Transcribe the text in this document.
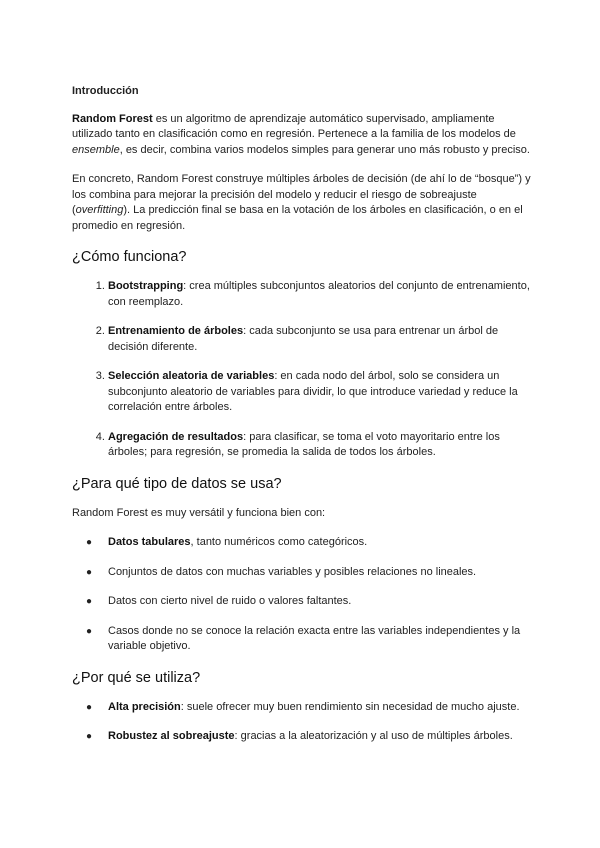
Introducción

Random Forest es un algoritmo de aprendizaje automático supervisado, ampliamente utilizado tanto en clasificación como en regresión. Pertenece a la familia de los modelos de ensemble, es decir, combina varios modelos simples para generar uno más robusto y preciso.

En concreto, Random Forest construye múltiples árboles de decisión (de ahí lo de “bosque”) y los combina para mejorar la precisión del modelo y reducir el riesgo de sobreajuste (overfitting). La predicción final se basa en la votación de los árboles en clasificación, o en el promedio en regresión.

¿Cómo funciona?
1. Bootstrapping: crea múltiples subconjuntos aleatorios del conjunto de entrenamiento, con reemplazo.
2. Entrenamiento de árboles: cada subconjunto se usa para entrenar un árbol de decisión diferente.
3. Selección aleatoria de variables: en cada nodo del árbol, solo se considera un subconjunto aleatorio de variables para dividir, lo que introduce variedad y reduce la correlación entre árboles.
4. Agregación de resultados: para clasificar, se toma el voto mayoritario entre los árboles; para regresión, se promedia la salida de todos los árboles.
¿Para qué tipo de datos se usa?

Random Forest es muy versátil y funciona bien con:

● Datos tabulares, tanto numéricos como categóricos.
● Conjuntos de datos con muchas variables y posibles relaciones no lineales.
● Datos con cierto nivel de ruido o valores faltantes.
● Casos donde no se conoce la relación exacta entre las variables independientes y la variable objetivo.
¿Por qué se utiliza?
● Alta precisión: suele ofrecer muy buen rendimiento sin necesidad de mucho ajuste.
● Robustez al sobreajuste: gracias a la aleatorización y al uso de múltiples árboles.
